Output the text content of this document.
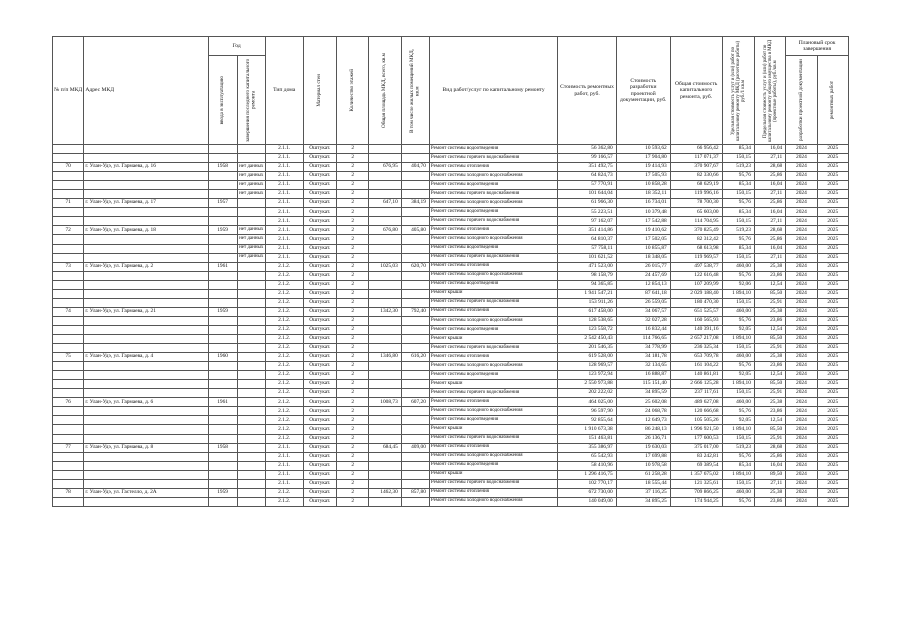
№ п/п МКД	Адрес МКД	Год		Тип дома	Материал стен	Количество этажей	Общая площадь МКД, всего, кв.м	В том числе жилых помещений МКД, кв.м	Вид работ/услуг по капитальному ремонту	Стоимость ремонтных работ, руб.	Стоимость разработки проектной документации, руб.	Общая стоимость капитального ремонта, руб.	Удельная стоимость услуг и (или) работ по капитальному ремонту МКД (расчетные работы) руб./1 кв.м	Предельная стоимость услуг и (или) работ по капитальному ремонту общего имущества в МКД (проектные работы), руб./кв.м	Плановый срок завершения	

		ввода в эксплуатацию	завершения последнего капитального ремонта												разработки проектной документации	ремонтных работ

				2.1.1.	Оштукат.	2			Ремонт системы водоотведения	56 362,80	10 593,62	66 956,42	85,34	16,04	2024	2025
				2.1.1.	Оштукат.	2			Ремонт системы горячего водоснабжения	99 166,57	17 904,80	117 071,37	150,15	27,11	2024	2025
70	г. Улан-Удэ, ул. Гармаева, д. 16	1958	нет данных	2.1.1.	Оштукат.	2	676,95	404,70	Ремонт системы отопления	351 492,75	19 414,93	370 907,67	519,23	28,68	2024	2025
			нет данных	2.1.1.	Оштукат.	2			Ремонт системы холодного водоснабжения	64 824,73	17 505,93	82 330,66	95,76	25,86	2024	2025
			нет данных	2.1.1.	Оштукат.	2			Ремонт системы водоотведения	57 770,91	10 858,28	68 629,19	85,34	16,04	2024	2025
			нет данных	2.1.1.	Оштукат.	2			Ремонт системы горячего водоснабжения	101 644,04	18 352,11	119 996,16	150,15	27,11	2024	2025
71	г. Улан-Удэ, ул. Гармаева, д. 17	1957		2.1.1.	Оштукат.	2	647,10	384,19	Ремонт системы холодного водоснабжения	61 966,30	16 734,01	78 700,30	95,76	25,86	2024	2025
				2.1.1.	Оштукат.	2			Ремонт системы водоотведения	55 223,51	10 379,48	65 603,00	85,34	16,04	2024	2025
				2.1.1.	Оштукат.	2			Ремонт системы горячего водоснабжения	97 162,07	17 542,88	114 704,95	150,15	27,11	2024	2025
72	г. Улан-Удэ, ул. Гармаева, д. 18	1959	нет данных	2.1.1.	Оштукат.	2	676,80	405,80	Ремонт системы отопления	351 414,86	19 410,62	370 825,49	519,23	28,68	2024	2025
			нет данных	2.1.1.	Оштукат.	2			Ремонт системы холодного водоснабжения	64 810,37	17 502,05	82 312,42	95,76	25,86	2024	2025
			нет данных	2.1.1.	Оштукат.	2			Ремонт системы водоотведения	57 758,11	10 855,87	68 613,98	85,34	16,04	2024	2025
			нет данных	2.1.1.	Оштукат.	2			Ремонт системы горячего водоснабжения	101 621,52	18 348,05	119 969,57	150,15	27,11	2024	2025
73	г. Улан-Удэ, ул. Гармаева, д. 2	1961		2.1.2.	Оштукат.	2	1025,03	620,70	Ремонт системы отопления	471 523,00	26 015,77	497 538,77	460,00	25,38	2024	2025
				2.1.2.	Оштукат.	2			Ремонт системы холодного водоснабжения	98 158,79	24 457,69	122 616,48	95,76	23,86	2024	2025
				2.1.2.	Оштукат.	2			Ремонт системы водоотведения	94 365,85	12 854,13	107 209,99	92,06	12,54	2024	2025
				2.1.2.	Оштукат.	2			Ремонт крыши	1 941 547,21	87 641,18	2 029 188,40	1 894,10	85,50	2024	2025
				2.1.2.	Оштукат.	2			Ремонт системы горячего водоснабжения	153 911,26	26 559,05	180 470,30	150,15	25,91	2024	2025
74	г. Улан-Удэ, ул. Гармаева, д. 21	1959		2.1.2.	Оштукат.	2	1342,30	792,40	Ремонт системы отопления	617 458,00	34 067,57	651 525,57	460,00	25,38	2024	2025
				2.1.2.	Оштукат.	2			Ремонт системы холодного водоснабжения	128 538,65	32 027,28	160 565,93	95,76	23,86	2024	2025
				2.1.2.	Оштукат.	2			Ремонт системы водоотведения	123 558,72	16 832,44	140 391,16	92,05	12,54	2024	2025
				2.1.2.	Оштукат.	2			Ремонт крыши	2 542 450,43	114 766,65	2 657 217,08	1 894,10	85,50	2024	2025
				2.1.2.	Оштукат.	2			Ремонт системы горячего водоснабжения	201 546,35	34 778,99	236 325,34	150,15	25,91	2024	2025
75	г. Улан-Удэ, ул. Гармаева, д. 4	1960		2.1.2.	Оштукат.	2	1346,80	616,20	Ремонт системы отопления	619 528,00	34 181,78	653 709,78	460,00	25,38	2024	2025
				2.1.2.	Оштукат.	2			Ремонт системы холодного водоснабжения	128 969,57	32 134,65	161 104,22	95,76	23,86	2024	2025
				2.1.2.	Оштукат.	2			Ремонт системы водоотведения	123 972,94	16 888,87	140 861,81	92,05	12,54	2024	2025
				2.1.2.	Оштукат.	2			Ремонт крыши	2 550 973,88	115 151,40	2 666 125,28	1 894,10	85,50	2024	2025
				2.1.2.	Оштукат.	2			Ремонт системы горячего водоснабжения	202 222,02	34 895,59	237 117,61	150,15	25,91	2024	2025
76	г. Улан-Удэ, ул. Гармаева, д. 6	1961		2.1.2.	Оштукат.	2	1008,73	607,20	Ремонт системы отопления	464 025,00	25 602,08	489 627,08	460,00	25,38	2024	2025
				2.1.2.	Оштукат.	2			Ремонт системы холодного водоснабжения	96 597,90	24 068,78	120 666,68	95,76	23,86	2024	2025
				2.1.2.	Оштукат.	2			Ремонт системы водоотведения	92 855,64	12 649,73	105 505,26	92,05	12,54	2024	2025
				2.1.2.	Оштукат.	2			Ремонт крыши	1 910 673,38	86 248,13	1 996 921,50	1 894,10	85,50	2024	2025
				2.1.2.	Оштукат.	2			Ремонт системы горячего водоснабжения	151 463,81	26 136,71	177 600,53	150,15	25,91	2024	2025
77	г. Улан-Удэ, ул. Гармаева, д. 8	1958		2.1.1.	Оштукат.	2	684,45	409,00	Ремонт системы отопления	355 386,97	19 630,03	375 017,00	519,23	28,68	2024	2025
				2.1.1.	Оштукат.	2			Ремонт системы холодного водоснабжения	65 542,93	17 699,88	83 242,81	95,76	25,86	2024	2025
				2.1.1.	Оштукат.	2			Ремонт системы водоотведения	58 410,96	10 978,58	69 389,54	85,34	16,04	2024	2025
				2.1.1.	Оштукат.	2			Ремонт крыши	1 296 416,75	61 258,28	1 357 675,02	1 894,10	89,50	2024	2025
				2.1.1.	Оштукат.	2			Ремонт системы горячего водоснабжения	102 770,17	18 555,44	121 325,61	150,15	27,11	2024	2025
78	г. Улан-Удэ, ул. Гастелло, д. 2А	1959		2.1.2.	Оштукат.	2	1462,30	857,80	Ремонт системы отопления	672 730,00	37 116,25	709 866,25	460,00	25,38	2024	2025
				2.1.2.	Оштукат.	2			Ремонт системы холодного водоснабжения	140 049,00	34 895,25	174 944,25	95,76	23,86	2024	2025
